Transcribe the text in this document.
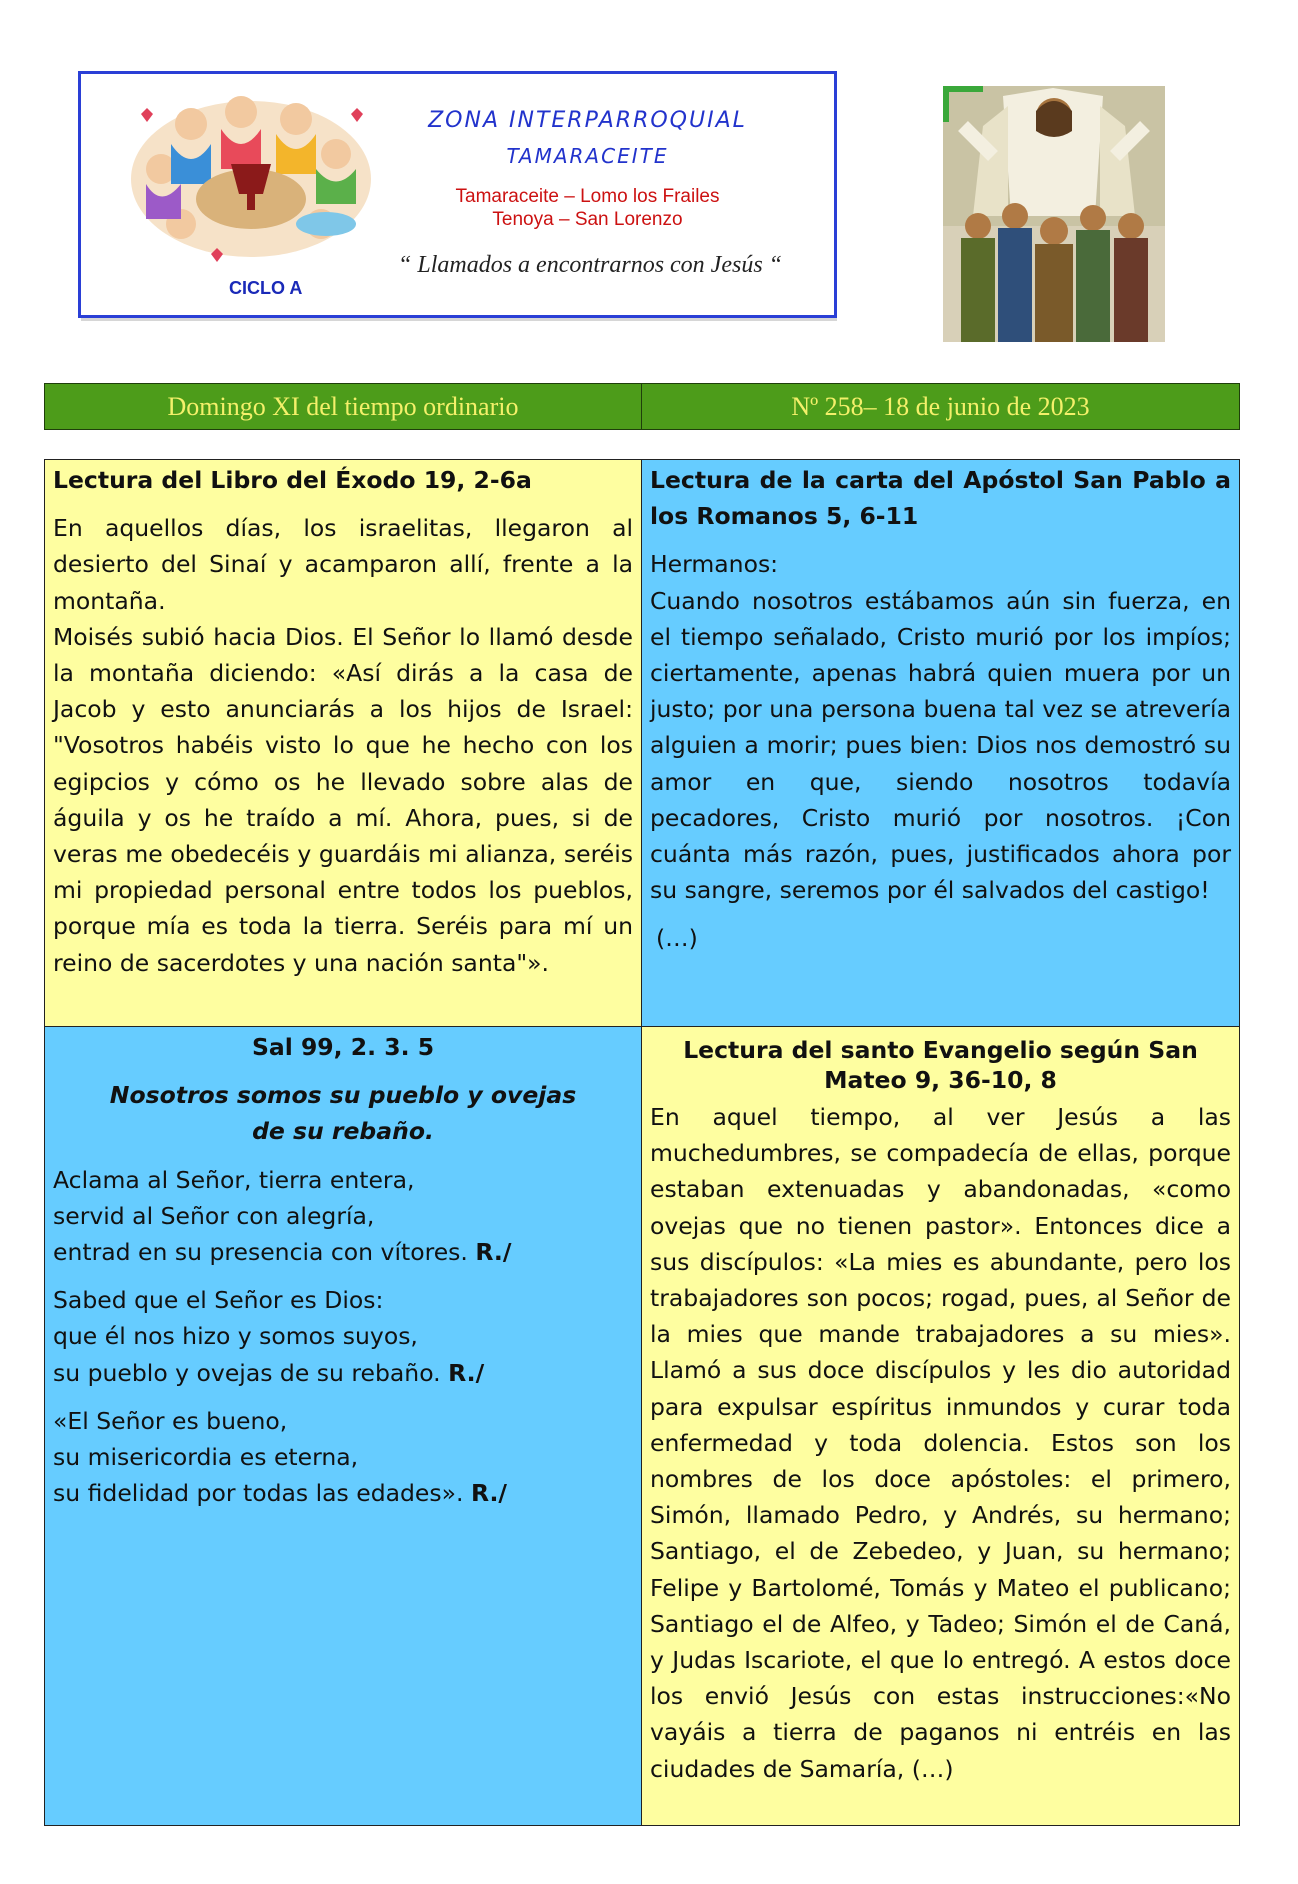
ZONA INTERPARROQUIAL
TAMARACEITE
Tamaraceite – Lomo los Frailes
Tenoya – San Lorenzo
“ Llamados a encontrarnos con Jesús “
CICLO A
Domingo XI del tiempo ordinario	Nº 258– 18 de junio de 2023

Lectura del Libro del Éxodo 19, 2-6a

En aquellos días, los israelitas, llegaron al desierto del Sinaí y acamparon allí, frente a la montaña.

Moisés subió hacia Dios. El Señor lo llamó desde la montaña diciendo: «Así dirás a la casa de Jacob y esto anunciarás a los hijos de Israel: "Vosotros habéis visto lo que he hecho con los egipcios y cómo os he llevado sobre alas de águila y os he traído a mí. Ahora, pues, si de veras me obedecéis y guardáis mi alianza, seréis mi propiedad personal entre todos los pueblos, porque mía es toda la tierra. Seréis para mí un reino de sacerdotes y una nación santa"».

Lectura de la carta del Apóstol San Pablo a los Romanos 5, 6-11

Hermanos:

Cuando nosotros estábamos aún sin fuerza, en el tiempo señalado, Cristo murió por los impíos; ciertamente, apenas habrá quien muera por un justo; por una persona buena tal vez se atrevería alguien a morir; pues bien: Dios nos demostró su amor en que, siendo nosotros todavía pecadores, Cristo murió por nosotros. ¡Con cuánta más razón, pues, justificados ahora por su sangre, seremos por él salvados del castigo!

(…)

Sal 99, 2. 3. 5

Nosotros somos su pueblo y ovejas de su rebaño.

Aclama al Señor, tierra entera,

servid al Señor con alegría,

entrad en su presencia con vítores. R./

Sabed que el Señor es Dios:

que él nos hizo y somos suyos,

su pueblo y ovejas de su rebaño. R./

«El Señor es bueno,

su misericordia es eterna,

su fidelidad por todas las edades». R./

Lectura del santo Evangelio según San Mateo 9, 36-10, 8

En aquel tiempo, al ver Jesús a las muchedumbres, se compadecía de ellas, porque estaban extenuadas y abandonadas, «como ovejas que no tienen pastor». Entonces dice a sus discípulos: «La mies es abundante, pero los trabajadores son pocos; rogad, pues, al Señor de la mies que mande trabajadores a su mies». Llamó a sus doce discípulos y les dio autoridad para expulsar espíritus inmundos y curar toda enfermedad y toda dolencia. Estos son los nombres de los doce apóstoles: el primero, Simón, llamado Pedro, y Andrés, su hermano; Santiago, el de Zebedeo, y Juan, su hermano; Felipe y Bartolomé, Tomás y Mateo el publicano; Santiago el de Alfeo, y Tadeo; Simón el de Caná, y Judas Iscariote, el que lo entregó. A estos doce los envió Jesús con estas instrucciones:«No vayáis a tierra de paganos ni entréis en las ciudades de Samaría, (…)
